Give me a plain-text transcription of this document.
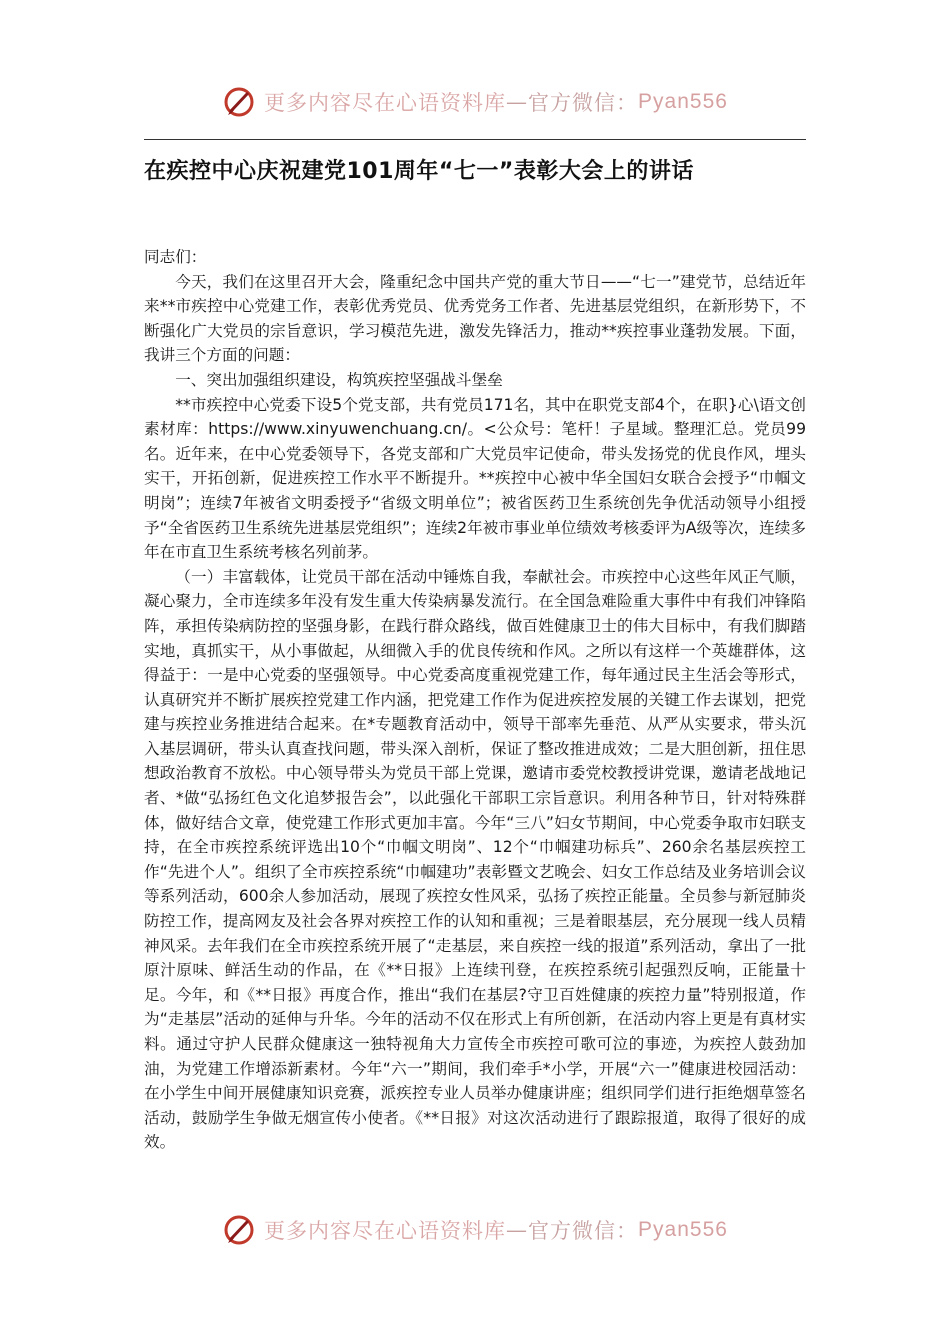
更多内容尽在心语资料库 — 官方微信： Pyan556
在疾控中心庆祝建党101周年“七一”表彰大会上的讲话

同志们：

今天，我们在这里召开大会，隆重纪念中国共产党的重大节日——“七一”建党节，总结近年来**市疾控中心党建工作，表彰优秀党员、优秀党务工作者、先进基层党组织，在新形势下，不断强化广大党员的宗旨意识，学习模范先进，激发先锋活力，推动**疾控事业蓬勃发展。下面，我讲三个方面的问题：

一、突出加强组织建设，构筑疾控坚强战斗堡垒

**市疾控中心党委下设5个党支部，共有党员171名，其中在职党支部4个，在职}心\语文创素材库：https://www.xinyuwenchuang.cn/。<公众号：笔杆！子星域。整理汇总。党员99名。近年来，在中心党委领导下，各党支部和广大党员牢记使命，带头发扬党的优良作风，埋头实干，开拓创新，促进疾控工作水平不断提升。**疾控中心被中华全国妇女联合会授予“巾帼文明岗”；连续7年被省文明委授予“省级文明单位”；被省医药卫生系统创先争优活动领导小组授予“全省医药卫生系统先进基层党组织”；连续2年被市事业单位绩效考核委评为A级等次，连续多年在市直卫生系统考核名列前茅。

（一）丰富载体，让党员干部在活动中锤炼自我，奉献社会。市疾控中心这些年风正气顺，凝心聚力，全市连续多年没有发生重大传染病暴发流行。在全国急难险重大事件中有我们冲锋陷阵，承担传染病防控的坚强身影，在践行群众路线，做百姓健康卫士的伟大目标中，有我们脚踏实地，真抓实干，从小事做起，从细微入手的优良传统和作风。之所以有这样一个英雄群体，这得益于：一是中心党委的坚强领导。中心党委高度重视党建工作，每年通过民主生活会等形式，认真研究并不断扩展疾控党建工作内涵，把党建工作作为促进疾控发展的关键工作去谋划，把党建与疾控业务推进结合起来。在*专题教育活动中，领导干部率先垂范、从严从实要求，带头沉入基层调研，带头认真查找问题，带头深入剖析，保证了整改推进成效；二是大胆创新，扭住思想政治教育不放松。中心领导带头为党员干部上党课，邀请市委党校教授讲党课，邀请老战地记者、*做“弘扬红色文化追梦报告会”，以此强化干部职工宗旨意识。利用各种节日，针对特殊群体，做好结合文章，使党建工作形式更加丰富。今年“三八”妇女节期间，中心党委争取市妇联支持，在全市疾控系统评选出10个“巾帼文明岗”、12个“巾帼建功标兵”、260余名基层疾控工作“先进个人”。组织了全市疾控系统“巾帼建功”表彰暨文艺晚会、妇女工作总结及业务培训会议等系列活动，600余人参加活动，展现了疾控女性风采，弘扬了疾控正能量。全员参与新冠肺炎防控工作，提高网友及社会各界对疾控工作的认知和重视；三是着眼基层，充分展现一线人员精神风采。去年我们在全市疾控系统开展了“走基层，来自疾控一线的报道”系列活动，拿出了一批原汁原味、鲜活生动的作品，在《**日报》上连续刊登，在疾控系统引起强烈反响，正能量十足。今年，和《**日报》再度合作，推出“我们在基层?守卫百姓健康的疾控力量”特别报道，作为“走基层”活动的延伸与升华。今年的活动不仅在形式上有所创新，在活动内容上更是有真材实料。通过守护人民群众健康这一独特视角大力宣传全市疾控可歌可泣的事迹，为疾控人鼓劲加油，为党建工作增添新素材。今年“六一”期间，我们牵手*小学，开展“六一”健康进校园活动：在小学生中间开展健康知识竞赛，派疾控专业人员举办健康讲座；组织同学们进行拒绝烟草签名活动，鼓励学生争做无烟宣传小使者。《**日报》对这次活动进行了跟踪报道，取得了很好的成效。

更多内容尽在心语资料库 — 官方微信： Pyan556
